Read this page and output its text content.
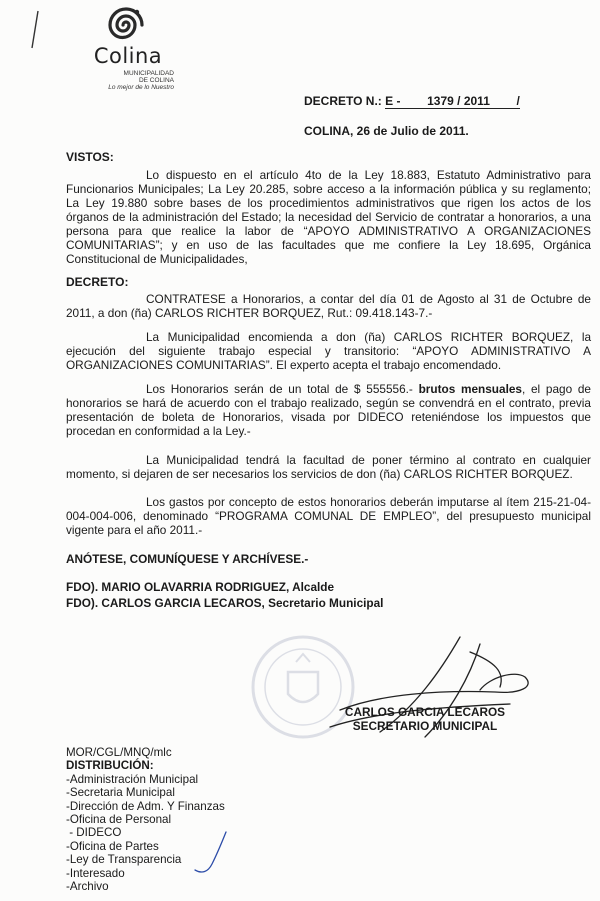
Colina
MUNICIPALIDAD
DE COLINA
Lo mejor de lo Nuestro
DECRETO N.: E -        1379 / 2011        /
COLINA, 26 de Julio de 2011.
VISTOS:
Lo dispuesto en el artículo 4to de la Ley 18.883, Estatuto Administrativo para Funcionarios Municipales; La Ley 20.285, sobre acceso a la información pública y su reglamento; La Ley 19.880 sobre bases de los procedimientos administrativos que rigen los actos de los órganos de la administración del Estado; la necesidad del Servicio de contratar a honorarios, a una persona para que realice la labor de “APOYO ADMINISTRATIVO A ORGANIZACIONES COMUNITARIAS”; y en uso de las facultades que me confiere la Ley 18.695, Orgánica Constitucional de Municipalidades,
DECRETO:
CONTRATESE a Honorarios, a contar del día 01 de Agosto al 31 de Octubre de 2011, a don (ña) CARLOS RICHTER BORQUEZ, Rut.: 09.418.143-7.-
La Municipalidad encomienda a don (ña) CARLOS RICHTER BORQUEZ, la ejecución del siguiente trabajo especial y transitorio: “APOYO ADMINISTRATIVO A ORGANIZACIONES COMUNITARIAS”. El experto acepta el trabajo encomendado.
Los Honorarios serán de un total de $ 555556.- brutos mensuales, el pago de honorarios se hará de acuerdo con el trabajo realizado, según se convendrá en el contrato, previa presentación de boleta de Honorarios, visada por DIDECO reteniéndose los impuestos que procedan en conformidad a la Ley.-
La Municipalidad tendrá la facultad de poner término al contrato en cualquier momento, si dejaren de ser necesarios los servicios de don (ña) CARLOS RICHTER BORQUEZ.
Los gastos por concepto de estos honorarios deberán imputarse al ítem 215-21-04-004-004-006, denominado “PROGRAMA COMUNAL DE EMPLEO”, del presupuesto municipal vigente para el año 2011.-
ANÓTESE, COMUNÍQUESE Y ARCHÍVESE.-
FDO). MARIO OLAVARRIA RODRIGUEZ, Alcalde
FDO). CARLOS GARCIA LECAROS, Secretario Municipal
CARLOS GARCIA LECAROS
SECRETARIO MUNICIPAL
MOR/CGL/MNQ/mlc
DISTRIBUCIÓN:
-Administración Municipal
-Secretaria Municipal
-Dirección de Adm. Y Finanzas
-Oficina de Personal
- DIDECO
-Oficina de Partes
-Ley de Transparencia
-Interesado
-Archivo
